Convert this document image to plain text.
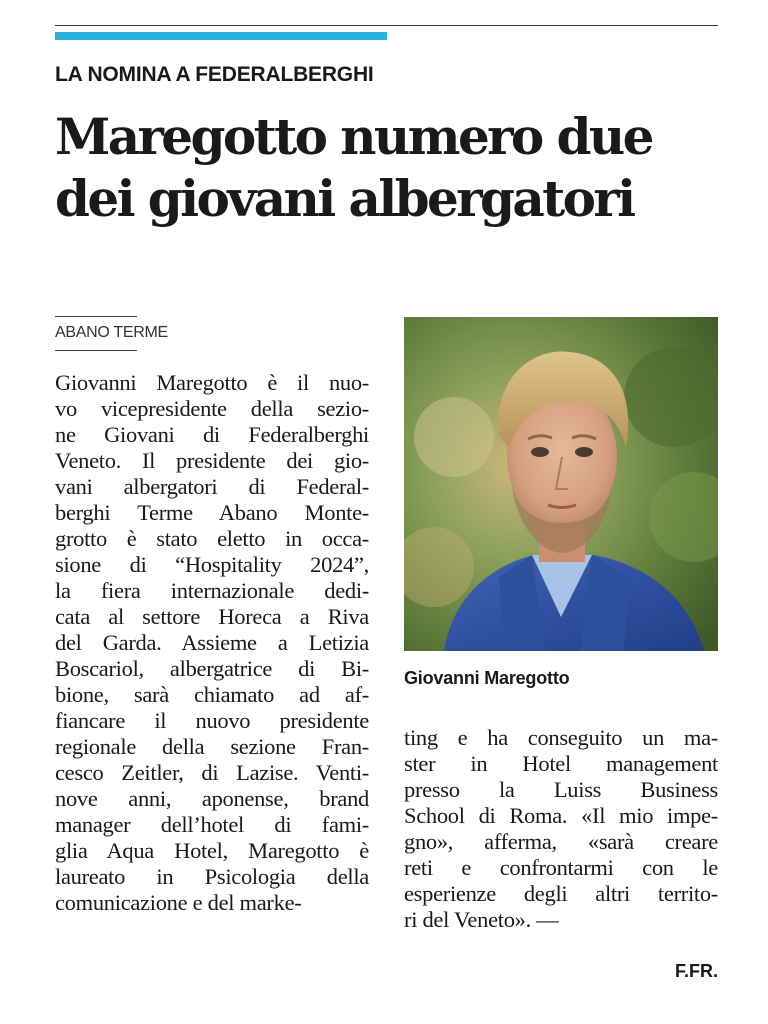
LA NOMINA A FEDERALBERGHI
Maregotto numero due
dei giovani albergatori
ABANO TERME
Giovanni Maregotto è il nuo-
vo vicepresidente della sezio-
ne Giovani di Federalberghi
Veneto. Il presidente dei gio-
vani albergatori di Federal-
berghi Terme Abano Monte-
grotto è stato eletto in occa-
sione di “Hospitality 2024”,
la fiera internazionale dedi-
cata al settore Horeca a Riva
del Garda. Assieme a Letizia
Boscariol, albergatrice di Bi-
bione, sarà chiamato ad af-
fiancare il nuovo presidente
regionale della sezione Fran-
cesco Zeitler, di Lazise. Venti-
nove anni, aponense, brand
manager dell’hotel di fami-
glia Aqua Hotel, Maregotto è
laureato in Psicologia della
comunicazione e del marke-
Giovanni Maregotto
ting e ha conseguito un ma-
ster in Hotel management
presso la Luiss Business
School di Roma. «Il mio impe-
gno», afferma, «sarà creare
reti e confrontarmi con le
esperienze degli altri territo-
ri del Veneto». —
F.FR.
